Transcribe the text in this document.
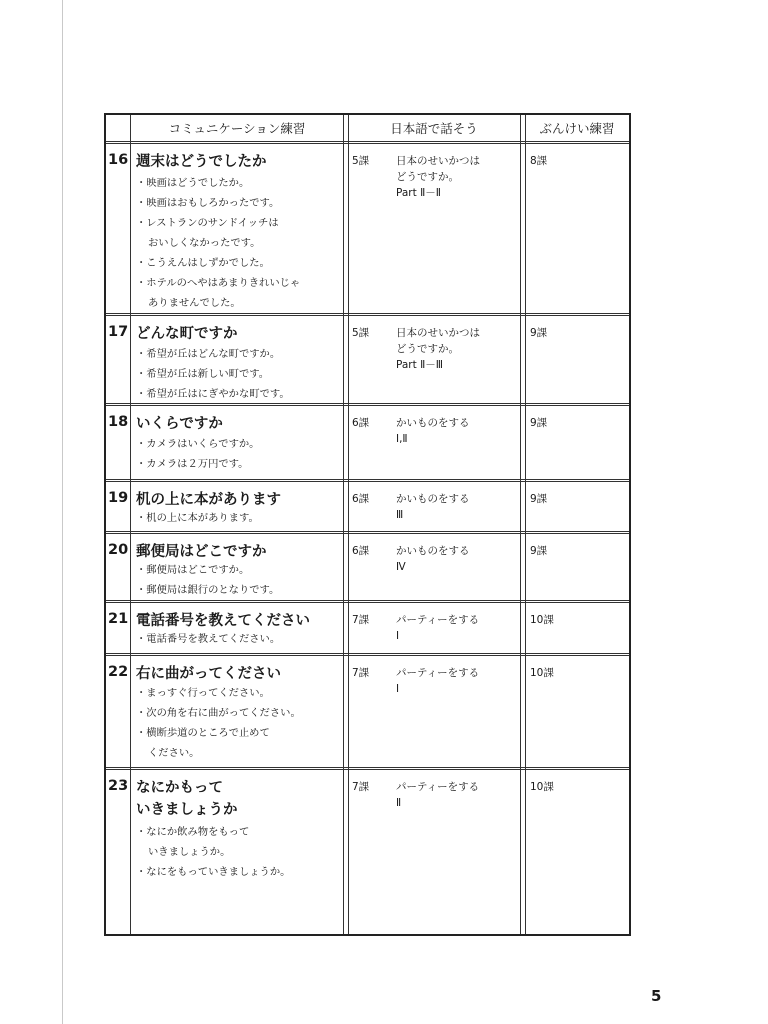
コミュニケーション練習	日本語で話そう	ぶんけい練習
16 週末はどうでしたか
・映画はどうでしたか。
・映画はおもしろかったです。
・レストランのサンドイッチは
おいしくなかったです。
・こうえんはしずかでした。
・ホテルのへやはあまりきれいじゃ
ありませんでした。
5課	日本のせいかつは
どうですか。
Part Ⅱ－Ⅱ
8課
17 どんな町ですか
・希望が丘はどんな町ですか。
・希望が丘は新しい町です。
・希望が丘はにぎやかな町です。
5課	日本のせいかつは
どうですか。
Part Ⅱ－Ⅲ
9課
18 いくらですか
・カメラはいくらですか。
・カメラは２万円です。
6課	かいものをする
Ⅰ,Ⅱ
9課
19 机の上に本があります
・机の上に本があります。
6課	かいものをする
Ⅲ
9課
20 郵便局はどこですか
・郵便局はどこですか。
・郵便局は銀行のとなりです。
6課	かいものをする
Ⅳ
9課
21 電話番号を教えてください
・電話番号を教えてください。
7課	パーティーをする
Ⅰ
10課
22 右に曲がってください
・まっすぐ行ってください。
・次の角を右に曲がってください。
・横断歩道のところで止めて
ください。
7課	パーティーをする
Ⅰ
10課
23 なにかもって
いきましょうか
・なにか飲み物をもって
いきましょうか。
・なにをもっていきましょうか。
7課	パーティーをする
Ⅱ
10課
5
